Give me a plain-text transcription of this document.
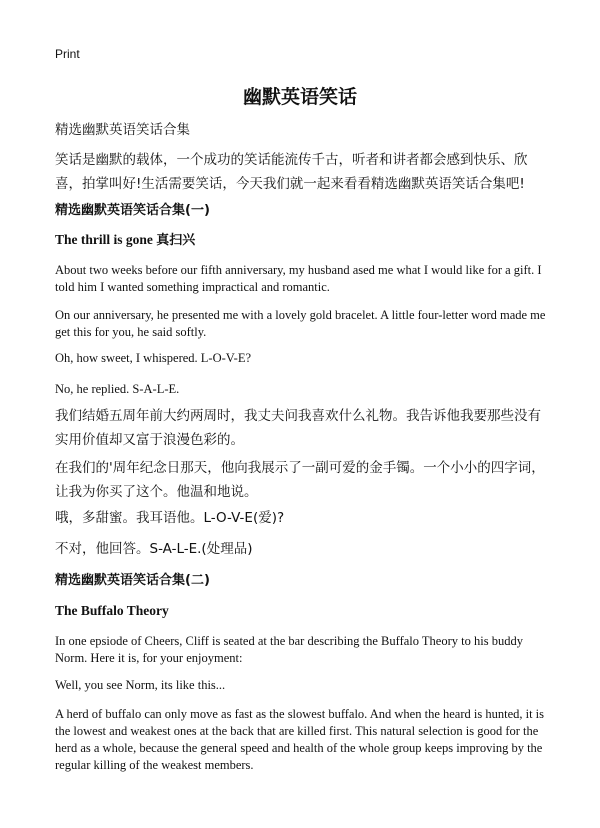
Print
幽默英语笑话

精选幽默英语笑话合集

笑话是幽默的载体，一个成功的笑话能流传千古，听者和讲者都会感到快乐、欣喜，拍掌叫好!生活需要笑话，今天我们就一起来看看精选幽默英语笑话合集吧!

精选幽默英语笑话合集(一)
The thrill is gone 真扫兴

About two weeks before our fifth anniversary, my husband ased me what I would like for a gift. I told him I wanted something impractical and romantic.

On our anniversary, he presented me with a lovely gold bracelet. A little four-letter word made me get this for you, he said softly.

Oh, how sweet, I whispered. L-O-V-E?

No, he replied. S-A-L-E.

我们结婚五周年前大约两周时，我丈夫问我喜欢什么礼物。我告诉他我要那些没有实用价值却又富于浪漫色彩的。

在我们的'周年纪念日那天，他向我展示了一副可爱的金手镯。一个小小的四字词，让我为你买了这个。他温和地说。

哦，多甜蜜。我耳语他。L-O-V-E(爱)?

不对，他回答。S-A-L-E.(处理品)

精选幽默英语笑话合集(二)
The Buffalo Theory

In one epsiode of Cheers, Cliff is seated at the bar describing the Buffalo Theory to his buddy Norm. Here it is, for your enjoyment:

Well, you see Norm, its like this...

A herd of buffalo can only move as fast as the slowest buffalo. And when the heard is hunted, it is the lowest and weakest ones at the back that are killed first. This natural selection is good for the herd as a whole, because the general speed and health of the whole group keeps improving by the regular killing of the weakest members.
